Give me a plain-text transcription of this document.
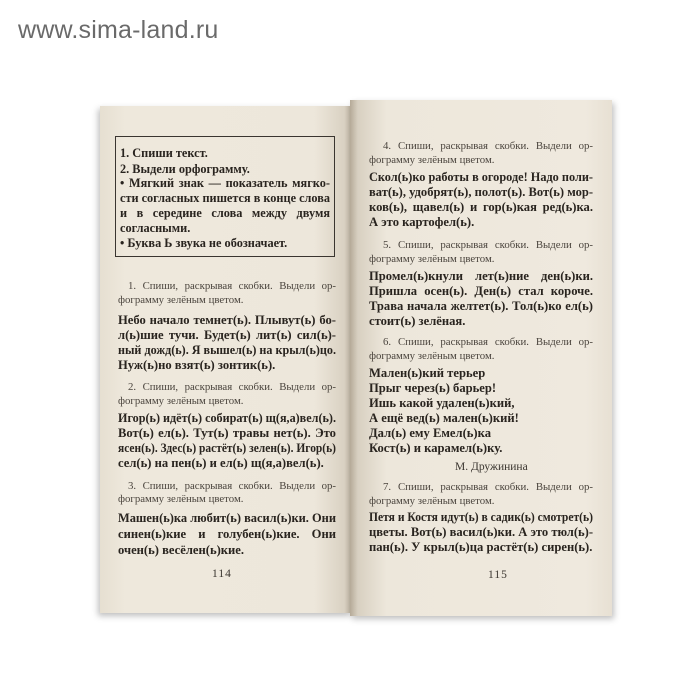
www.sima-land.ru
1. Спиши текст.
2. Выдели орфограмму.
• Мягкий знак — показатель мягко-
сти согласных пишется в конце слова
и в середине слова между двумя
согласными.
• Буква Ь звука не обозначает.
1. Спиши, раскрывая скобки. Выдели ор-
фограмму зелёным цветом.
Небо начало темнет(ь). Плывут(ь) бо-
л(ь)шие тучи. Будет(ь) лит(ь) сил(ь)-
ный дожд(ь). Я вышел(ь) на крыл(ь)цо.
Нуж(ь)но взят(ь) зонтик(ь).
2. Спиши, раскрывая скобки. Выдели ор-
фограмму зелёным цветом.
Игор(ь) идёт(ь) собират(ь) щ(я,а)вел(ь).
Вот(ь) ел(ь). Тут(ь) травы нет(ь). Это
ясен(ь). Здес(ь) растёт(ь) зелен(ь). Игор(ь)
сел(ь) на пен(ь) и ел(ь) щ(я,а)вел(ь).
3. Спиши, раскрывая скобки. Выдели ор-
фограмму зелёным цветом.
Машен(ь)ка любит(ь) васил(ь)ки. Они
синен(ь)кие и голубен(ь)кие. Они
очен(ь) весёлен(ь)кие.
114
4. Спиши, раскрывая скобки. Выдели ор-
фограмму зелёным цветом.
Скол(ь)ко работы в огороде! Надо поли-
ват(ь), удобрят(ь), полот(ь). Вот(ь) мор-
ков(ь), щавел(ь) и гор(ь)кая ред(ь)ка.
А это картофел(ь).
5. Спиши, раскрывая скобки. Выдели ор-
фограмму зелёным цветом.
Промел(ь)кнули лет(ь)ние ден(ь)ки.
Пришла осен(ь). Ден(ь) стал короче.
Трава начала желтет(ь). Тол(ь)ко ел(ь)
стоит(ь) зелёная.
6. Спиши, раскрывая скобки. Выдели ор-
фограмму зелёным цветом.
Мален(ь)кий терьер
Прыг через(ь) барьер!
Ишь какой удален(ь)кий,
А ещё вед(ь) мален(ь)кий!
Дал(ь) ему Емел(ь)ка
Кост(ь) и карамел(ь)ку.
7. Спиши, раскрывая скобки. Выдели ор-
фограмму зелёным цветом.
Петя и Костя идут(ь) в садик(ь) смотрет(ь)
цветы. Вот(ь) васил(ь)ки. А это тюл(ь)-
пан(ь). У крыл(ь)ца растёт(ь) сирен(ь).
М. Дружинина
115
